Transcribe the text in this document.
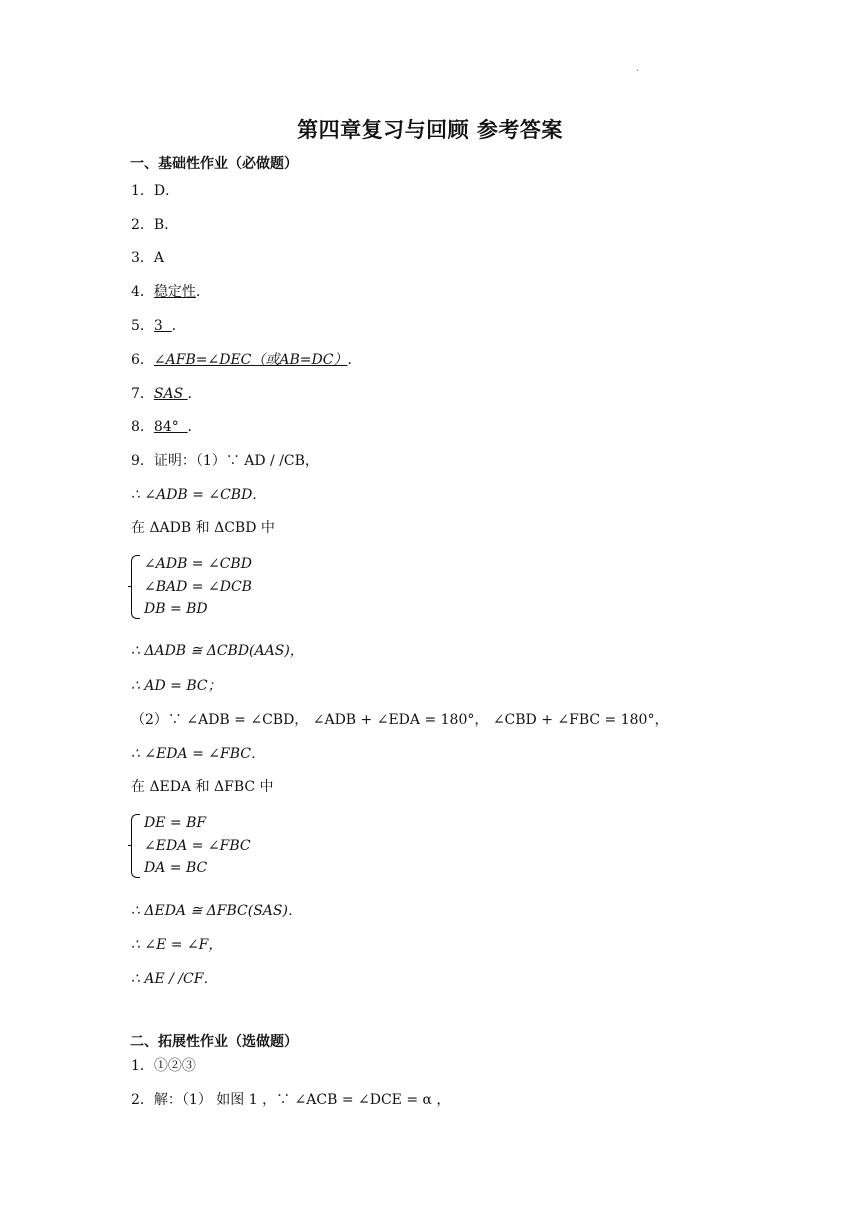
·
第四章复习与回顾 参考答案
一、基础性作业（必做题）
1．D．
2．B．
3．A
4．稳定性.
5．3  ．
6．∠AFB=∠DEC（或AB=DC）.
7．SAS ．
8．84°  ．
9．证明：（1）∵ AD / /CB，
∴ ∠ADB = ∠CBD．
在 ΔADB 和 ΔCBD 中
∠ADB = ∠CBD
∠BAD = ∠DCB
DB = BD
∴ ΔADB ≅ ΔCBD(AAS)，
∴ AD = BC；
（2）∵ ∠ADB = ∠CBD， ∠ADB + ∠EDA = 180°， ∠CBD + ∠FBC = 180°，
∴ ∠EDA = ∠FBC．
在 ΔEDA 和 ΔFBC 中
DE = BF
∠EDA = ∠FBC
DA = BC
∴ ΔEDA ≅ ΔFBC(SAS)．
∴ ∠E = ∠F，
∴ AE / /CF．
二、拓展性作业（选做题）
1．①②③
2．解：（1） 如图 1 ，∵ ∠ACB = ∠DCE = α ，
